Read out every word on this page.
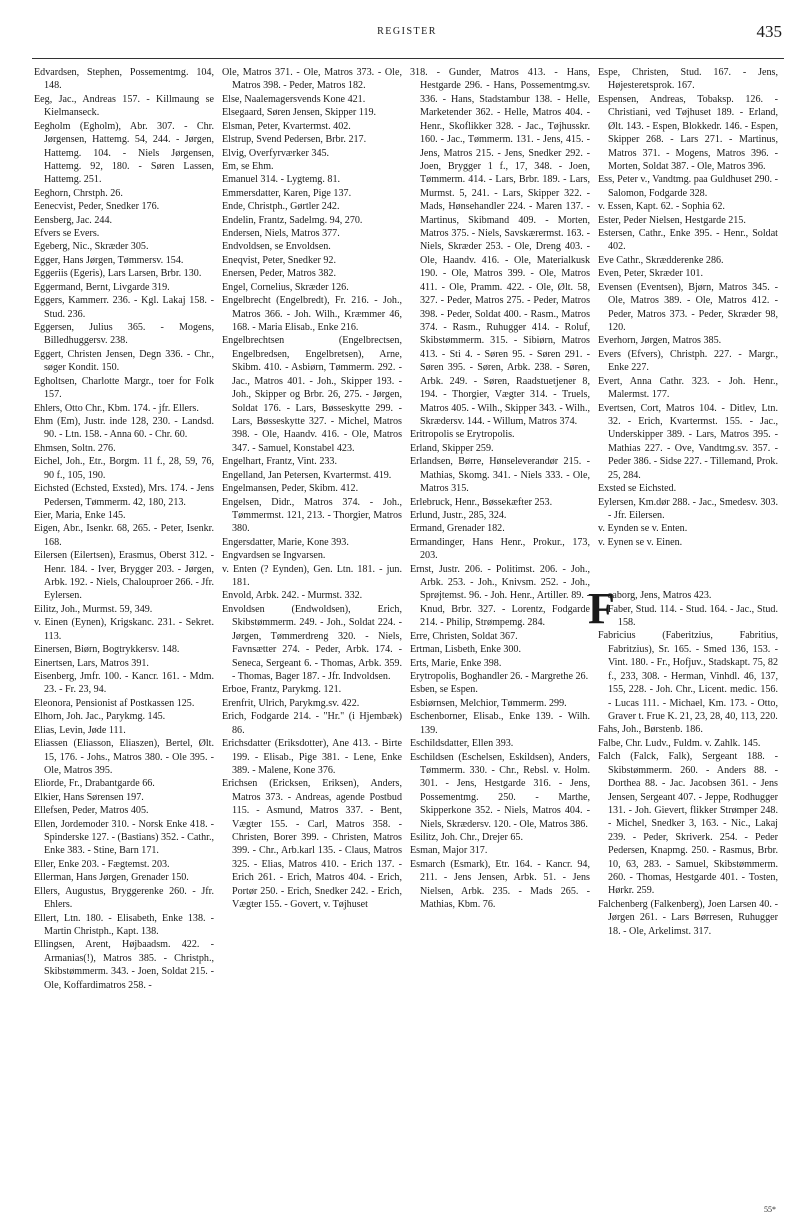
REGISTER	435

Edvardsen, Stephen, Possementmg. 104, 148.

Eeg, Jac., Andreas 157. - Killmaung se Kielmanseck.

Eegholm (Egholm), Abr. 307. - Chr. Jørgensen, Hattemg. 54, 244. - Jørgen, Hattemg. 104. - Niels Jørgensen, Hattemg. 92, 180. - Søren Lassen, Hattemg. 251.

Eeghorn, Chrstph. 26.

Eenecvist, Peder, Snedker 176.

Eensberg, Jac. 244.

Efvers se Evers.

Egeberg, Nic., Skræder 305.

Egger, Hans Jørgen, Tømmersv. 154.

Eggeriis (Egeris), Lars Larsen, Brbr. 130.

Eggermand, Bernt, Livgarde 319.

Eggers, Kammerr. 236. - Kgl. Lakaj 158. - Stud. 236.

Eggersen, Julius 365. - Mogens, Billedhuggersv. 238.

Eggert, Christen Jensen, Degn 336. - Chr., søger Kondit. 150.

Egholtsen, Charlotte Margr., toer for Folk 157.

Ehlers, Otto Chr., Kbm. 174. - jfr. Ellers.

Ehm (Em), Justr. inde 128, 230. - Landsd. 90. - Ltn. 158. - Anna 60. - Chr. 60.

Ehmsen, Soltn. 276.

Eichel, Joh., Etr., Borgm. 11 f., 28, 59, 76, 90 f., 105, 190.

Eichsted (Echsted, Exsted), Mrs. 174. - Jens Pedersen, Tømmerm. 42, 180, 213.

Eier, Maria, Enke 145.

Eigen, Abr., Isenkr. 68, 265. - Peter, Isenkr. 168.

Eilersen (Eilertsen), Erasmus, Oberst 312. - Henr. 184. - Iver, Brygger 203. - Jørgen, Arbk. 192. - Niels, Chalouproer 266. - Jfr. Eylersen.

Eilitz, Joh., Murmst. 59, 349.

v. Einen (Eynen), Krigskanc. 231. - Sekret. 113.

Einersen, Biørn, Bogtrykkersv. 148.

Einertsen, Lars, Matros 391.

Eisenberg, Jmfr. 100. - Kancr. 161. - Mdm. 23. - Fr. 23, 94.

Eleonora, Pensionist af Postkassen 125.

Elhorn, Joh. Jac., Parykmg. 145.

Elias, Levin, Jøde 111.

Eliassen (Eliasson, Eliaszen), Bertel, Ølt. 15, 176. - Johs., Matros 380. - Ole 395. - Ole, Matros 395.

Eliorde, Fr., Drabantgarde 66.

Elkier, Hans Sørensen 197.

Ellefsen, Peder, Matros 405.

Ellen, Jordemoder 310. - Norsk Enke 418. - Spinderske 127. - (Bastians) 352. - Cathr., Enke 383. - Stine, Barn 171.

Eller, Enke 203. - Fægtemst. 203.

Ellerman, Hans Jørgen, Grenader 150.

Ellers, Augustus, Bryggerenke 260. - Jfr. Ehlers.

Ellert, Ltn. 180. - Elisabeth, Enke 138. - Martin Christph., Kapt. 138.

Ellingsen, Arent, Højbaadsm. 422. - Armanias(!), Matros 385. - Christph., Skibstømmerm. 343. - Joen, Soldat 215. - Ole, Koffardimatros 258. -

Ole, Matros 371. - Ole, Matros 373. - Ole, Matros 398. - Peder, Matros 182.

Else, Naalemagersvends Kone 421.

Elsegaard, Søren Jensen, Skipper 119.

Elsman, Peter, Kvartermst. 402.

Elstrup, Svend Pedersen, Brbr. 217.

Elvig, Overfyrværker 345.

Em, se Ehm.

Emanuel 314. - Lygtemg. 81.

Emmersdatter, Karen, Pige 137.

Ende, Christph., Gørtler 242.

Endelin, Frantz, Sadelmg. 94, 270.

Endersen, Niels, Matros 377.

Endvoldsen, se Envoldsen.

Eneqvist, Peter, Snedker 92.

Enersen, Peder, Matros 382.

Engel, Cornelius, Skræder 126.

Engelbrecht (Engelbredt), Fr. 216. - Joh., Matros 366. - Joh. Wilh., Kræmmer 46, 168. - Maria Elisab., Enke 216.

Engelbrechtsen (Engelbrectsen, Engelbredsen, Engelbretsen), Arne, Skibm. 410. - Asbiørn, Tømmerm. 292. - Jac., Matros 401. - Joh., Skipper 193. - Joh., Skipper og Brbr. 26, 275. - Jørgen, Soldat 176. - Lars, Bøsseskytte 299. - Lars, Bøsseskytte 327. - Michel, Matros 398. - Ole, Haandv. 416. - Ole, Matros 347. - Samuel, Konstabel 423.

Engelhart, Frantz, Vint. 233.

Engelland, Jan Petersen, Kvartermst. 419.

Engelmansen, Peder, Skibm. 412.

Engelsen, Didr., Matros 374. - Joh., Tømmermst. 121, 213. - Thorgier, Matros 380.

Engersdatter, Marie, Kone 393.

Engvardsen se Ingvarsen.

v. Enten (? Eynden), Gen. Ltn. 181. - jun. 181.

Envold, Arbk. 242. - Murmst. 332.

Envoldsen (Endwoldsen), Erich, Skibstømmerm. 249. - Joh., Soldat 224. - Jørgen, Tømmerdreng 320. - Niels, Favnsætter 274. - Peder, Arbk. 174. - Seneca, Sergeant 6. - Thomas, Arbk. 359. - Thomas, Bager 187. - Jfr. Indvoldsen.

Erboe, Frantz, Parykmg. 121.

Erenfrit, Ulrich, Parykmg.sv. 422.

Erich, Fodgarde 214. - "Hr." (i Hjembæk) 86.

Erichsdatter (Eriksdotter), Ane 413. - Birte 199. - Elisab., Pige 381. - Lene, Enke 389. - Malene, Kone 376.

Erichsen (Ericksen, Eriksen), Anders, Matros 373. - Andreas, agende Postbud 115. - Asmund, Matros 337. - Bent, Vægter 155. - Carl, Matros 358. - Christen, Borer 399. - Christen, Matros 399. - Chr., Arb.karl 135. - Claus, Matros 325. - Elias, Matros 410. - Erich 137. - Erich 261. - Erich, Matros 404. - Erich, Portør 250. - Erich, Snedker 242. - Erich, Vægter 155. - Govert, v. Tøjhuset

318. - Gunder, Matros 413. - Hans, Hestgarde 296. - Hans, Possementmg.sv. 336. - Hans, Stadstambur 138. - Helle, Marketender 362. - Helle, Matros 404. - Henr., Skoflikker 328. - Jac., Tøjhusskr. 160. - Jac., Tømmerm. 131. - Jens, 415. - Jens, Matros 215. - Jens, Snedker 292. - Joen, Brygger 1 f., 17, 348. - Joen, Tømmerm. 414. - Lars, Brbr. 189. - Lars, Murmst. 5, 241. - Lars, Skipper 322. - Mads, Hønsehandler 224. - Maren 137. - Martinus, Skibmand 409. - Morten, Matros 375. - Niels, Savskærermst. 163. - Niels, Skræder 253. - Ole, Dreng 403. - Ole, Haandv. 416. - Ole, Materialkusk 190. - Ole, Matros 399. - Ole, Matros 411. - Ole, Pramm. 422. - Ole, Ølt. 58, 327. - Peder, Matros 275. - Peder, Matros 398. - Peder, Soldat 400. - Rasm., Matros 374. - Rasm., Ruhugger 414. - Roluf, Skibstømmerm. 315. - Sibiørn, Matros 413. - Sti 4. - Søren 95. - Søren 291. - Søren 395. - Søren, Arbk. 238. - Søren, Arbk. 249. - Søren, Raadstuetjener 8, 194. - Thorgier, Vægter 314. - Truels, Matros 405. - Wilh., Skipper 343. - Wilh., Skrædersv. 144. - Willum, Matros 374.

Eritropolis se Erytropolis.

Erland, Skipper 259.

Erlandsen, Børre, Hønseleverandør 215. - Mathias, Skomg. 341. - Niels 333. - Ole, Matros 315.

Erlebruck, Henr., Bøssekæfter 253.

Erlund, Justr., 285, 324.

Ermand, Grenader 182.

Ermandinger, Hans Henr., Prokur., 173, 203.

Ernst, Justr. 206. - Politimst. 206. - Joh., Arbk. 253. - Joh., Knivsm. 252. - Joh., Sprøjtemst. 96. - Joh. Henr., Artiller. 89. - Knud, Brbr. 327. - Lorentz, Fodgarde 214. - Philip, Strømpemg. 284.

Erre, Christen, Soldat 367.

Ertman, Lisbeth, Enke 300.

Erts, Marie, Enke 398.

Erytropolis, Boghandler 26. - Margrethe 26.

Esben, se Espen.

Esbiørnsen, Melchior, Tømmerm. 299.

Eschenborner, Elisab., Enke 139. - Wilh. 139.

Eschildsdatter, Ellen 393.

Eschildsen (Eschelsen, Eskildsen), Anders, Tømmerm. 330. - Chr., Rebsl. v. Holm. 301. - Jens, Hestgarde 316. - Jens, Possementmg. 250. - Marthe, Skipperkone 352. - Niels, Matros 404. - Niels, Skrædersv. 120. - Ole, Matros 386.

Esilitz, Joh. Chr., Drejer 65.

Esman, Major 317.

Esmarch (Esmark), Etr. 164. - Kancr. 94, 211. - Jens Jensen, Arbk. 51. - Jens Nielsen, Arbk. 235. - Mads 265. - Mathias, Kbm. 76.

Espe, Christen, Stud. 167. - Jens, Højesteretsprok. 167.

Espensen, Andreas, Tobaksp. 126. - Christiani, ved Tøjhuset 189. - Erland, Ølt. 143. - Espen, Blokkedr. 146. - Espen, Skipper 268. - Lars 271. - Martinus, Matros 371. - Mogens, Matros 396. - Morten, Soldat 387. - Ole, Matros 396.

Ess, Peter v., Vandtmg. paa Guldhuset 290. - Salomon, Fodgarde 328.

v. Essen, Kapt. 62. - Sophia 62.

Ester, Peder Nielsen, Hestgarde 215.

Estersen, Cathr., Enke 395. - Henr., Soldat 402.

Eve Cathr., Skrædderenke 286.

Even, Peter, Skræder 101.

Evensen (Eventsen), Bjørn, Matros 345. - Ole, Matros 389. - Ole, Matros 412. - Peder, Matros 373. - Peder, Skræder 98, 120.

Everhorn, Jørgen, Matros 385.

Evers (Efvers), Christph. 227. - Margr., Enke 227.

Evert, Anna Cathr. 323. - Joh. Henr., Malermst. 177.

Evertsen, Cort, Matros 104. - Ditlev, Ltn. 32. - Erich, Kvartermst. 155. - Jac., Underskipper 389. - Lars, Matros 395. - Mathias 227. - Ove, Vandtmg.sv. 357. - Peder 386. - Sidse 227. - Tillemand, Prok. 25, 284.

Exsted se Eichsted.

Eylersen, Km.dør 288. - Jac., Smedesv. 303. - Jfr. Eilersen.

v. Eynden se v. Enten.

v. Eynen se v. Einen.

F
aaborg, Jens, Matros 423.

Faber, Stud. 114. - Stud. 164. - Jac., Stud. 158.

Fabricius (Faberitzius, Fabritius, Fabritzius), Sr. 165. - Smed 136, 153. - Vint. 180. - Fr., Hofjuv., Stadskapt. 75, 82 f., 233, 308. - Herman, Vinhdl. 46, 137, 155, 228. - Joh. Chr., Licent. medic. 156. - Lucas 111. - Michael, Km. 173. - Otto, Graver t. Frue K. 21, 23, 28, 40, 113, 220.

Fahs, Joh., Børstenb. 186.

Falbe, Chr. Ludv., Fuldm. v. Zahlk. 145.

Falch (Falck, Falk), Sergeant 188. - Skibstømmerm. 260. - Anders 88. - Dorthea 88. - Jac. Jacobsen 361. - Jens Jensen, Sergeant 407. - Jeppe, Rodhugger 131. - Joh. Gievert, flikker Strømper 248. - Michel, Snedker 3, 163. - Nic., Lakaj 239. - Peder, Skriverk. 254. - Peder Pedersen, Knapmg. 250. - Rasmus, Brbr. 10, 63, 283. - Samuel, Skibstømmerm. 260. - Thomas, Hestgarde 401. - Tosten, Hørkr. 259.

Falchenberg (Falkenberg), Joen Larsen 40. - Jørgen 261. - Lars Børresen, Ruhugger 18. - Ole, Arkelimst. 317.

55*
